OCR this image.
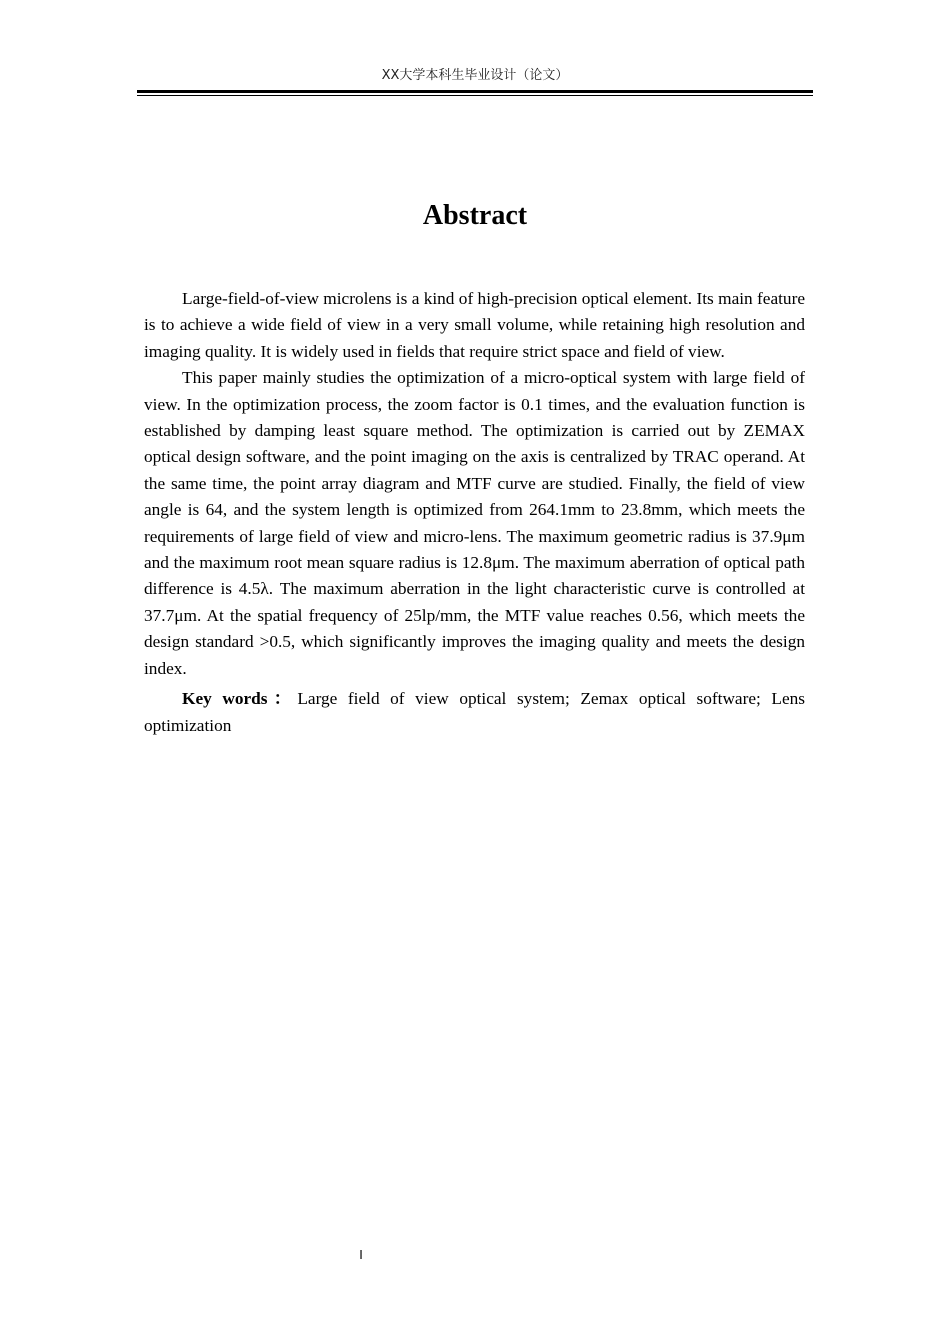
XX大学本科生毕业设计（论文）
Abstract

Large-field-of-view microlens is a kind of high-precision optical element. Its main feature is to achieve a wide field of view in a very small volume, while retaining high resolution and imaging quality. It is widely used in fields that require strict space and field of view.

This paper mainly studies the optimization of a micro-optical system with large field of view. In the optimization process, the zoom factor is 0.1 times, and the evaluation function is established by damping least square method. The optimization is carried out by ZEMAX optical design software, and the point imaging on the axis is centralized by TRAC operand. At the same time, the point array diagram and MTF curve are studied. Finally, the field of view angle is 64, and the system length is optimized from 264.1mm to 23.8mm, which meets the requirements of large field of view and micro-lens. The maximum geometric radius is 37.9μm and the maximum root mean square radius is 12.8μm. The maximum aberration of optical path difference is 4.5λ. The maximum aberration in the light characteristic curve is controlled at 37.7μm. At the spatial frequency of 25lp/mm, the MTF value reaches 0.56, which meets the design standard >0.5, which significantly improves the imaging quality and meets the design index.

Key words：Large field of view optical system; Zemax optical software; Lens optimization

I
